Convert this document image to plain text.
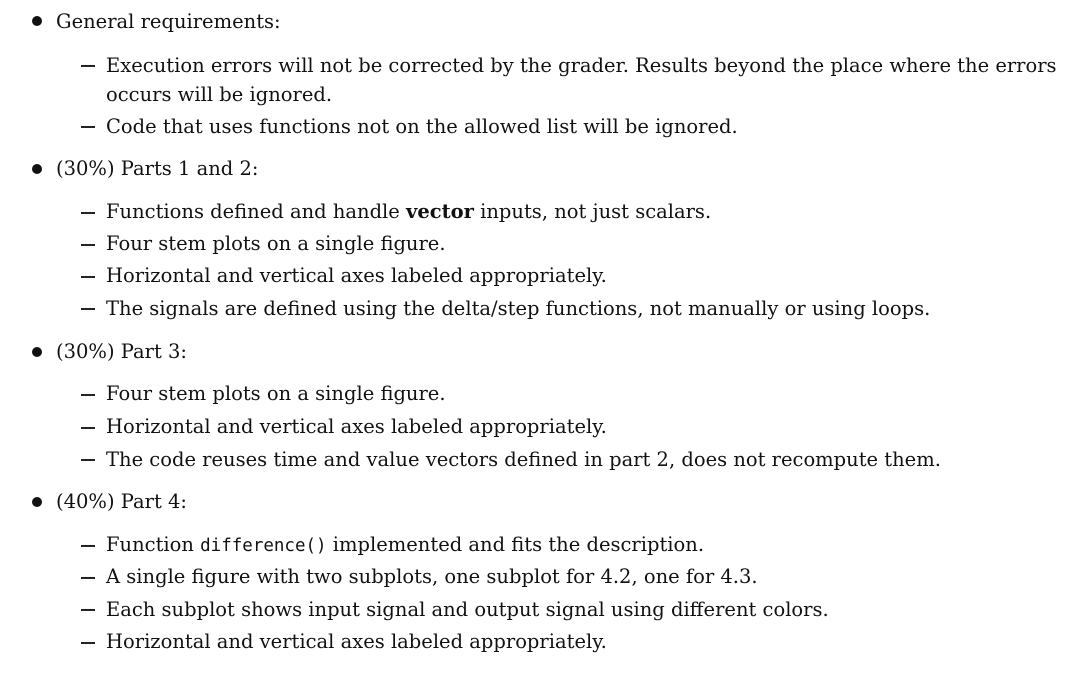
General requirements:
Execution errors will not be corrected by the grader. Results beyond the place where the errors
occurs will be ignored.
Code that uses functions not on the allowed list will be ignored.
(30%) Parts 1 and 2:
Functions defined and handle vector inputs, not just scalars.
Four stem plots on a single figure.
Horizontal and vertical axes labeled appropriately.
The signals are defined using the delta/step functions, not manually or using loops.
(30%) Part 3:
Four stem plots on a single figure.
Horizontal and vertical axes labeled appropriately.
The code reuses time and value vectors defined in part 2, does not recompute them.
(40%) Part 4:
Function difference() implemented and fits the description.
A single figure with two subplots, one subplot for 4.2, one for 4.3.
Each subplot shows input signal and output signal using different colors.
Horizontal and vertical axes labeled appropriately.
